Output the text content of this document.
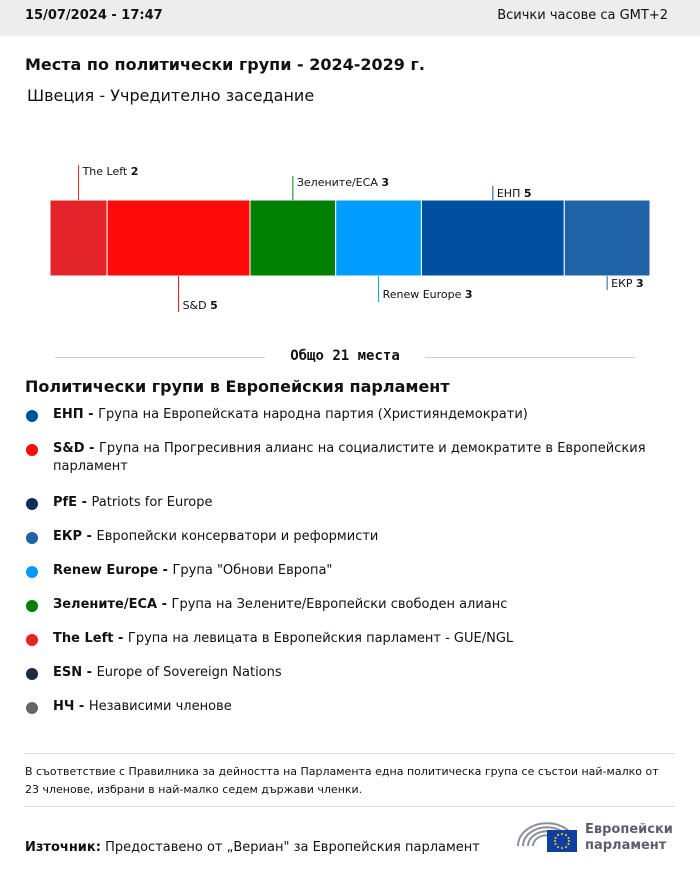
15/07/2024 - 17:47	Всички часове са GMT+2
Места по политически групи - 2024-2029 г.
Швеция - Учредително заседание
The Left 2
S&D 5
Зелените/ЕСА 3
Renew Europe 3
ЕНП 5
ЕКР 3
Общо 21 места
Политически групи в Европейския парламент
ЕНП - Група на Европейската народна партия (Християндемократи)
S&D - Група на Прогресивния алианс на социалистите и демократите в Европейския парламент
PfE - Patriots for Europe
ЕКР - Европейски консерватори и реформисти
Renew Europe - Група "Обнови Европа"
Зелените/ЕСА - Група на Зелените/Европейски свободен алианс
The Left - Група на левицата в Европейския парламент - GUE/NGL
ESN - Europe of Sovereign Nations
НЧ - Независими членове
В съответствие с Правилника за дейността на Парламента една политическа група се състои най-малко от 23 членове, избрани в най-малко седем държави членки.
Източник: Предоставено от „Вериан" за Европейския парламент
Европейски
парламент
